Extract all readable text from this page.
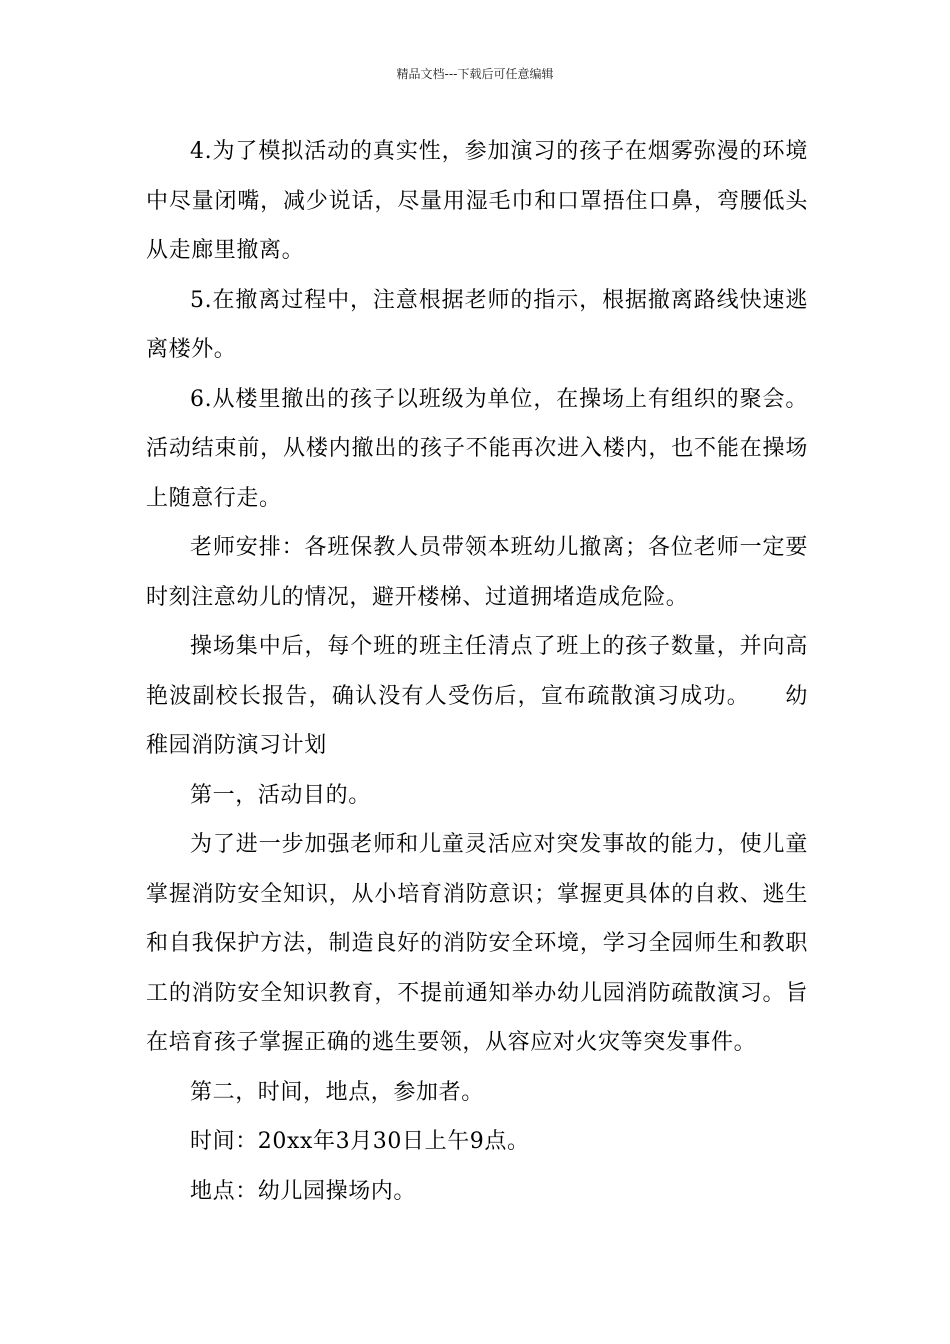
精品文档---下载后可任意编辑

4.为了模拟活动的真实性，参加演习的孩子在烟雾弥漫的环境中尽量闭嘴，减少说话，尽量用湿毛巾和口罩捂住口鼻，弯腰低头从走廊里撤离。

5.在撤离过程中，注意根据老师的指示，根据撤离路线快速逃离楼外。

6.从楼里撤出的孩子以班级为单位，在操场上有组织的聚会。活动结束前，从楼内撤出的孩子不能再次进入楼内，也不能在操场上随意行走。

老师安排：各班保教人员带领本班幼儿撤离；各位老师一定要时刻注意幼儿的情况，避开楼梯、过道拥堵造成危险。

操场集中后，每个班的班主任清点了班上的孩子数量，并向高艳波副校长报告，确认没有人受伤后，宣布疏散演习成功。　　幼稚园消防演习计划

第一，活动目的。

为了进一步加强老师和儿童灵活应对突发事故的能力，使儿童掌握消防安全知识，从小培育消防意识；掌握更具体的自救、逃生和自我保护方法，制造良好的消防安全环境，学习全园师生和教职工的消防安全知识教育，不提前通知举办幼儿园消防疏散演习。旨在培育孩子掌握正确的逃生要领，从容应对火灾等突发事件。

第二，时间，地点，参加者。

时间：20xx年3月30日上午9点。

地点：幼儿园操场内。
